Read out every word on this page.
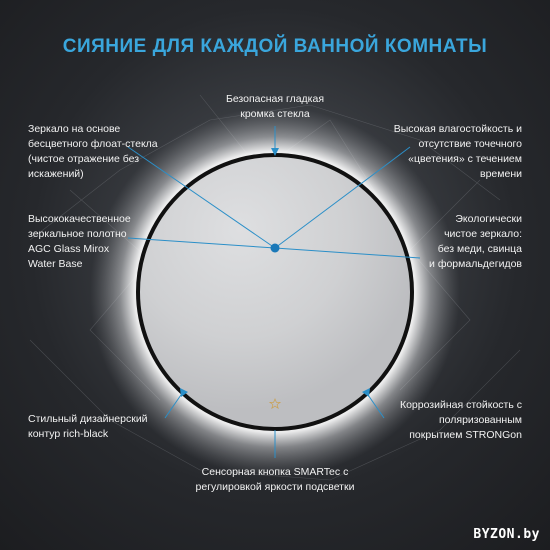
СИЯНИЕ ДЛЯ КАЖДОЙ ВАННОЙ КОМНАТЫ
Безопасная гладкая
кромка стекла
Зеркало на основе
бесцветного флоат-стекла
(чистое отражение без
искажений)
Высокая влагостойкость и
отсутствие точечного
«цветения» с течением
времени
Высококачественное
зеркальное полотно
AGC Glass Mirox
Water Base
Экологически
чистое зеркало:
без меди, свинца
и формальдегидов
Стильный дизайнерский
контур rich-black
Коррозийная стойкость с
поляризованным
покрытием STRONGon
Сенсорная кнопка SMARTec с
регулировкой яркости подсветки
BYZON.by
